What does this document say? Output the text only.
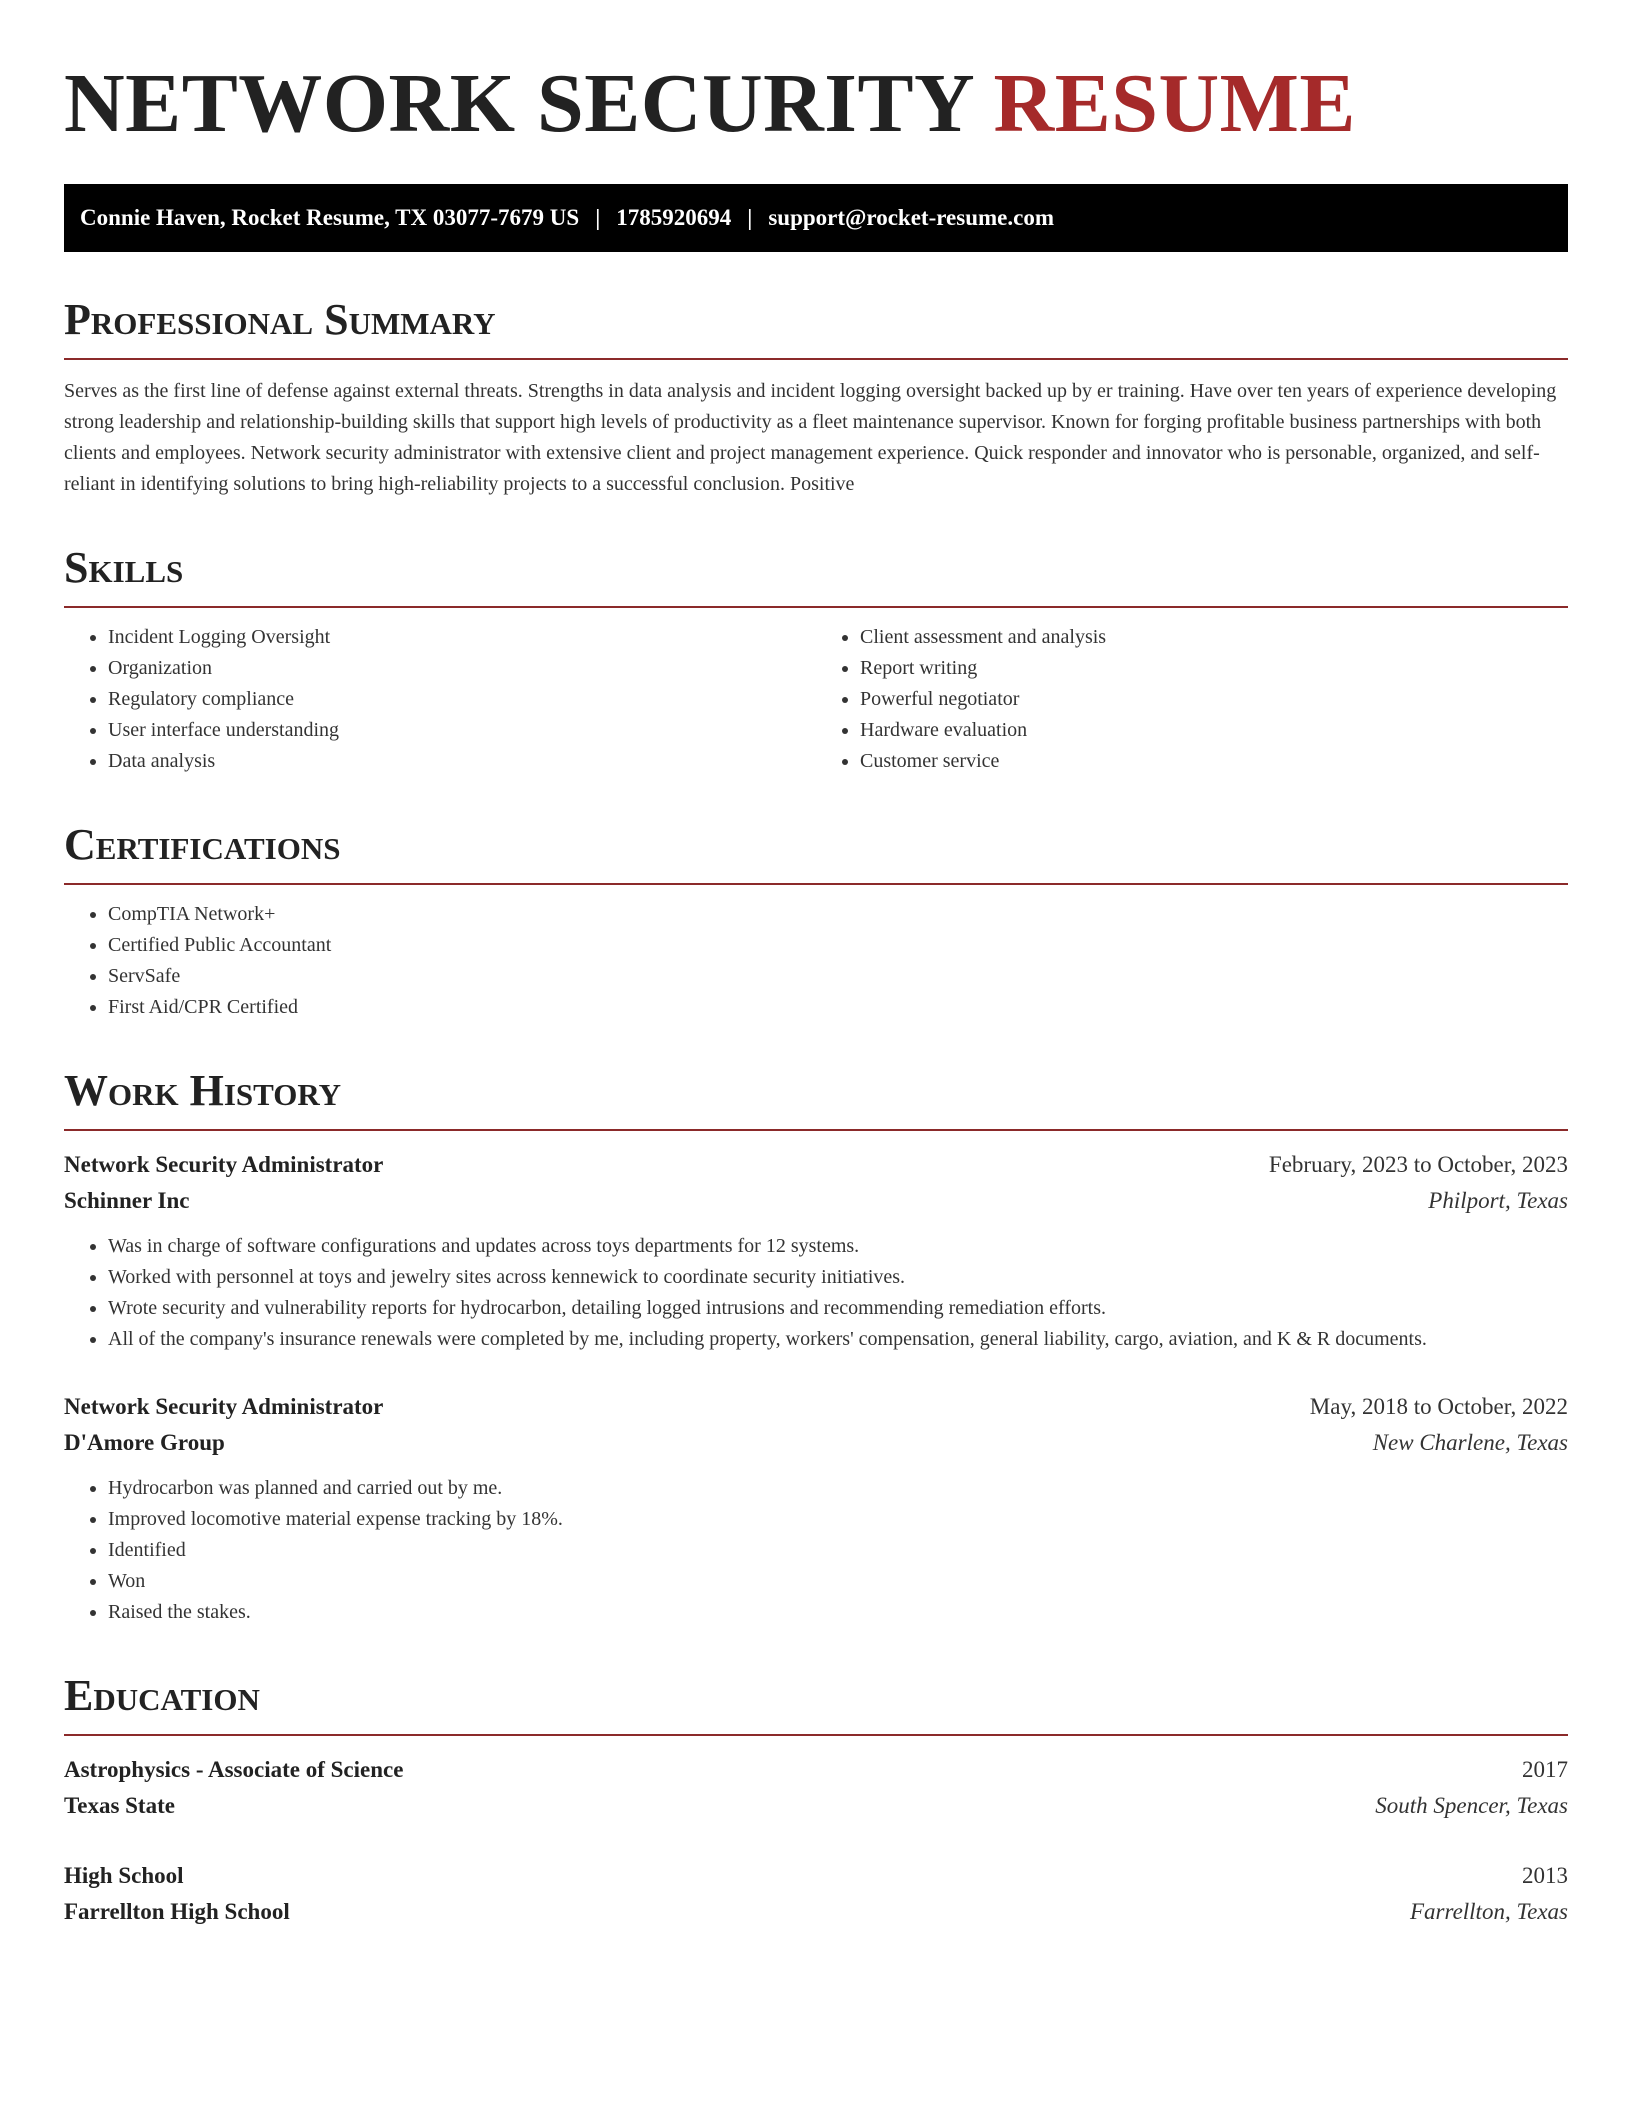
NETWORK SECURITY RESUME
Connie Haven, Rocket Resume, TX 03077-7679 US | 1785920694 | support@rocket-resume.com
Professional Summary

Serves as the first line of defense against external threats. Strengths in data analysis and incident logging oversight backed up by er training. Have over ten years of experience developing strong leadership and relationship-building skills that support high levels of productivity as a fleet maintenance supervisor. Known for forging profitable business partnerships with both clients and employees. Network security administrator with extensive client and project management experience. Quick responder and innovator who is personable, organized, and self-reliant in identifying solutions to bring high-reliability projects to a successful conclusion. Positive

Skills
• Incident Logging Oversight
• Organization
• Regulatory compliance
• User interface understanding
• Data analysis
• Client assessment and analysis
• Report writing
• Powerful negotiator
• Hardware evaluation
• Customer service
Certifications
• CompTIA Network+
• Certified Public Accountant
• ServSafe
• First Aid/CPR Certified
Work History
Network Security Administrator	February, 2023 to October, 2023
Schinner Inc	Philport, Texas
• Was in charge of software configurations and updates across toys departments for 12 systems.
• Worked with personnel at toys and jewelry sites across kennewick to coordinate security initiatives.
• Wrote security and vulnerability reports for hydrocarbon, detailing logged intrusions and recommending remediation efforts.
• All of the company's insurance renewals were completed by me, including property, workers' compensation, general liability, cargo, aviation, and K & R documents.
Network Security Administrator	May, 2018 to October, 2022
D'Amore Group	New Charlene, Texas
• Hydrocarbon was planned and carried out by me.
• Improved locomotive material expense tracking by 18%.
• Identified
• Won
• Raised the stakes.
Education
Astrophysics - Associate of Science	2017
Texas State	South Spencer, Texas
High School	2013
Farrellton High School	Farrellton, Texas
